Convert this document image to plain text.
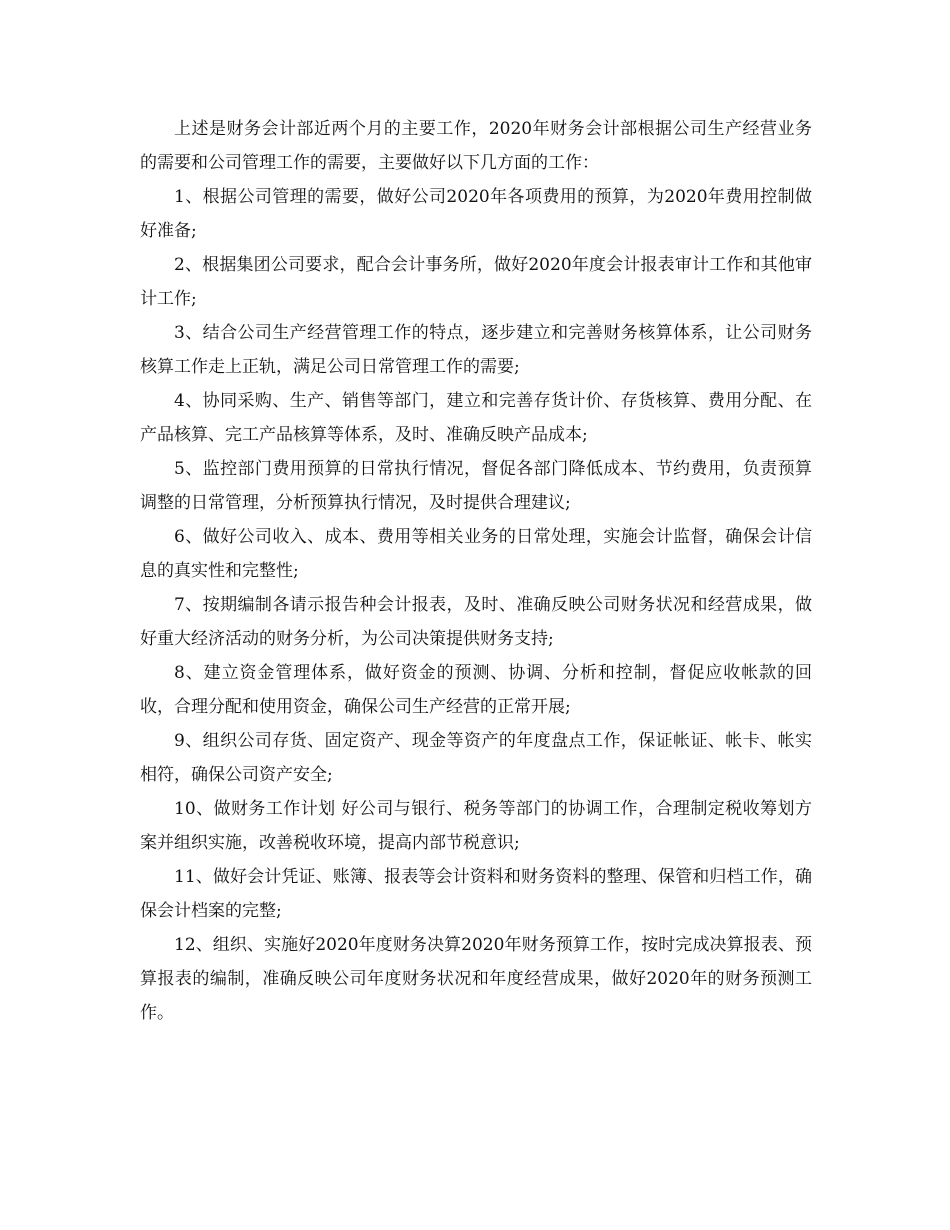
上述是财务会计部近两个月的主要工作，2020年财务会计部根据公司生产经营业务的需要和公司管理工作的需要，主要做好以下几方面的工作：

1、根据公司管理的需要，做好公司2020年各项费用的预算，为2020年费用控制做好准备;

2、根据集团公司要求，配合会计事务所，做好2020年度会计报表审计工作和其他审计工作;

3、结合公司生产经营管理工作的特点，逐步建立和完善财务核算体系，让公司财务核算工作走上正轨，满足公司日常管理工作的需要;

4、协同采购、生产、销售等部门，建立和完善存货计价、存货核算、费用分配、在产品核算、完工产品核算等体系，及时、准确反映产品成本;

5、监控部门费用预算的日常执行情况，督促各部门降低成本、节约费用，负责预算调整的日常管理，分析预算执行情况，及时提供合理建议;

6、做好公司收入、成本、费用等相关业务的日常处理，实施会计监督，确保会计信息的真实性和完整性;

7、按期编制各请示报告种会计报表，及时、准确反映公司财务状况和经营成果，做好重大经济活动的财务分析，为公司决策提供财务支持;

8、建立资金管理体系，做好资金的预测、协调、分析和控制，督促应收帐款的回收，合理分配和使用资金，确保公司生产经营的正常开展;

9、组织公司存货、固定资产、现金等资产的年度盘点工作，保证帐证、帐卡、帐实相符，确保公司资产安全;

10、做财务工作计划 好公司与银行、税务等部门的协调工作，合理制定税收筹划方案并组织实施，改善税收环境，提高内部节税意识;

11、做好会计凭证、账簿、报表等会计资料和财务资料的整理、保管和归档工作，确保会计档案的完整;

12、组织、实施好2020年度财务决算2020年财务预算工作，按时完成决算报表、预算报表的编制，准确反映公司年度财务状况和年度经营成果，做好2020年的财务预测工作。
